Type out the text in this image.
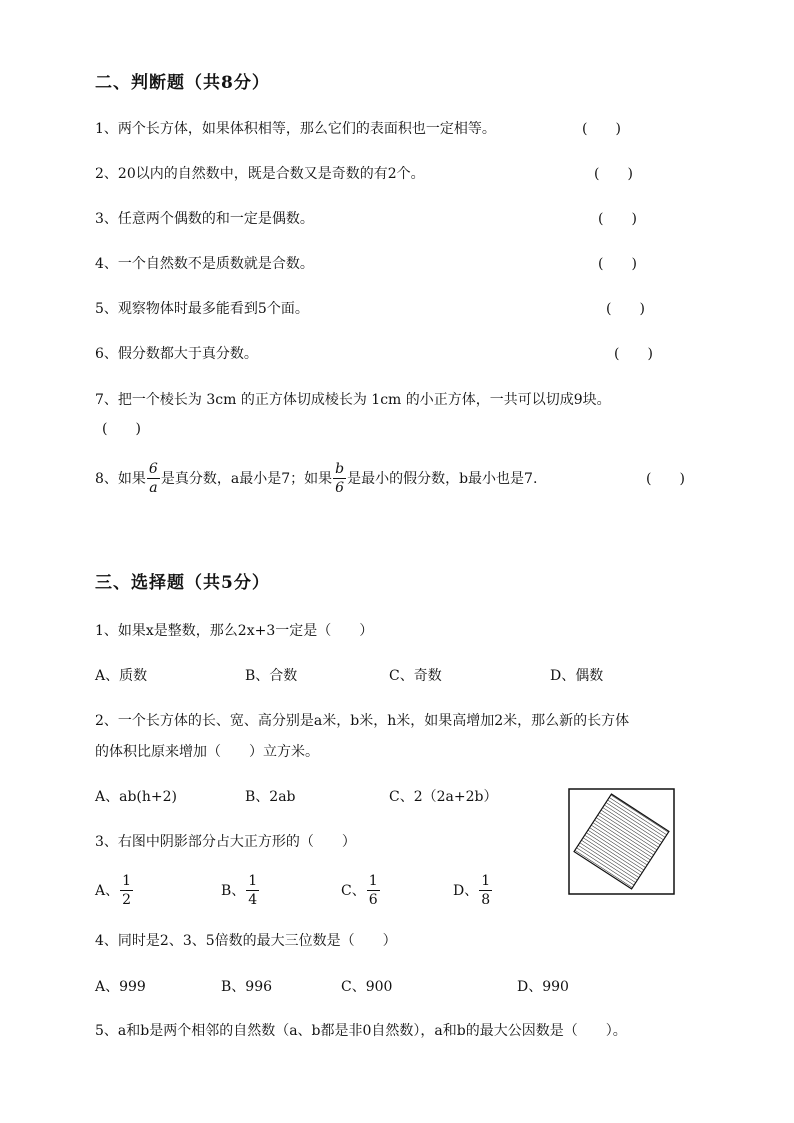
二、判断题（共8分）
1、两个长方体，如果体积相等，那么它们的表面积也一定相等。	(　　)
2、20以内的自然数中，既是合数又是奇数的有2个。	(　　)
3、任意两个偶数的和一定是偶数。	(　　)
4、一个自然数不是质数就是合数。	(　　)
5、观察物体时最多能看到5个面。	(　　)
6、假分数都大于真分数。	(　　)
7、把一个棱长为 3cm 的正方体切成棱长为 1cm 的小正方体，一共可以切成9块。
(　　)
8、如果 $\frac{6}{a}$ 是真分数，a最小是7；如果 $\frac{b}{6}$ 是最小的假分数，b最小也是7.	(　　)
三、选择题（共5分）
1、如果x是整数，那么2x+3一定是（　　）
A、质数	B、合数	C、奇数	D、偶数
2、一个长方体的长、宽、高分别是a米，b米，h米，如果高增加2米，那么新的长方体
的体积比原来增加（　　）立方米。
A、ab(h+2)	B、2ab	C、2（2a+2b）
3、右图中阴影部分占大正方形的（　　）
A、 $\frac{1}{2}$	B、 $\frac{1}{4}$	C、 $\frac{1}{6}$	D、 $\frac{1}{8}$
4、同时是2、3、5倍数的最大三位数是（　　）
A、999	B、996	C、900	D、990
5、a和b是两个相邻的自然数（a、b都是非0自然数），a和b的最大公因数是（　　）。
